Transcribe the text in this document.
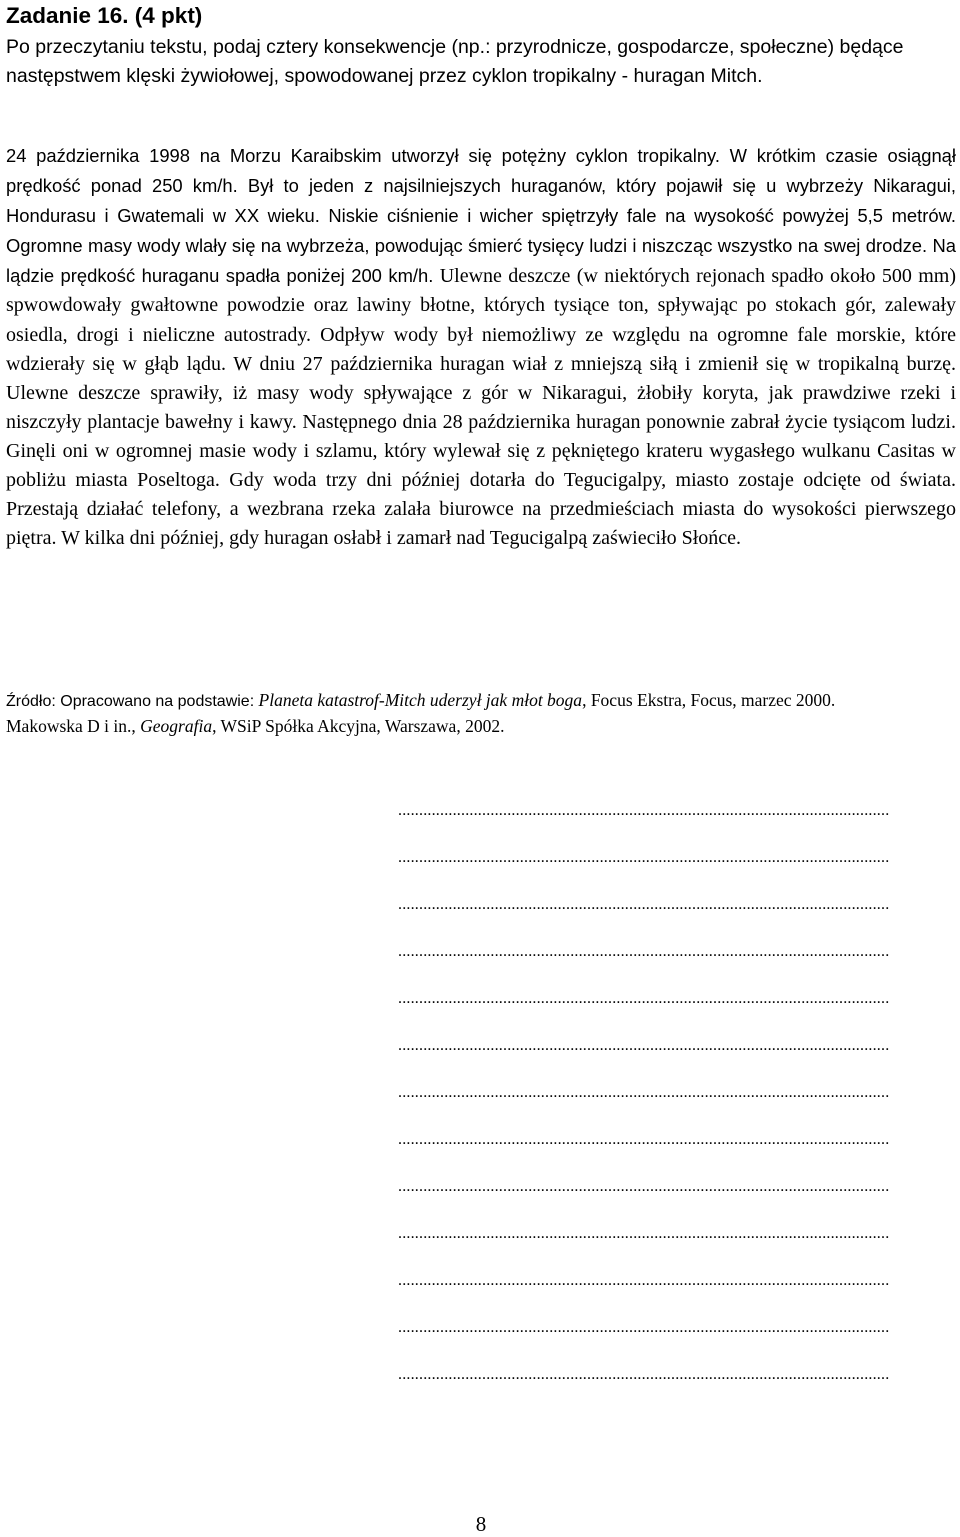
Zadanie 16. (4 pkt)

Po przeczytaniu tekstu, podaj cztery konsekwencje (np.: przyrodnicze, gospodarcze, społeczne) będące następstwem klęski żywiołowej, spowodowanej przez cyklon tropikalny - huragan Mitch.

24 października 1998 na Morzu Karaibskim utworzył się potężny cyklon tropikalny. W krótkim czasie osiągnął prędkość ponad 250 km/h. Był to jeden z najsilniejszych huraganów, który pojawił się u wybrzeży Nikaragui, Hondurasu i Gwatemali w XX wieku. Niskie ciśnienie i wicher spiętrzyły fale na wysokość powyżej 5,5 metrów. Ogromne masy wody wlały się na wybrzeża, powodując śmierć tysięcy ludzi i niszcząc wszystko na swej drodze. Na lądzie prędkość huraganu spadła poniżej 200 km/h. Ulewne deszcze (w niektórych rejonach spadło około 500 mm) spwowdowały gwałtowne powodzie oraz lawiny błotne, których tysiące ton, spływając po stokach gór, zalewały osiedla, drogi i nieliczne autostrady. Odpływ wody był niemożliwy ze względu na ogromne fale morskie, które wdzierały się w głąb lądu. W dniu 27 października huragan wiał z mniejszą siłą i zmienił się w tropikalną burzę. Ulewne deszcze sprawiły, iż masy wody spływające z gór w Nikaragui, żłobiły koryta, jak prawdziwe rzeki i niszczyły plantacje bawełny i kawy. Następnego dnia 28 października huragan ponownie zabrał życie tysiącom ludzi. Ginęli oni w ogromnej masie wody i szlamu, który wylewał się z pękniętego krateru wygasłego wulkanu Casitas w pobliżu miasta Poseltoga. Gdy woda trzy dni później dotarła do Tegucigalpy, miasto zostaje odcięte od świata. Przestają działać telefony, a wezbrana rzeka zalała biurowce na przedmieściach miasta do wysokości pierwszego piętra. W kilka dni później, gdy huragan osłabł i zamarł nad Tegucigalpą zaświeciło Słońce.

Źródło: Opracowano na podstawie: Planeta katastrof-Mitch uderzył jak młot boga, Focus Ekstra, Focus, marzec 2000.
Makowska D i in., Geografia, WSiP Spółka Akcyjna, Warszawa, 2002.
.....................................................................................................................
.....................................................................................................................
.....................................................................................................................
.....................................................................................................................
.....................................................................................................................
.....................................................................................................................
.....................................................................................................................
.....................................................................................................................
.....................................................................................................................
.....................................................................................................................
.....................................................................................................................
.....................................................................................................................
.....................................................................................................................
8
